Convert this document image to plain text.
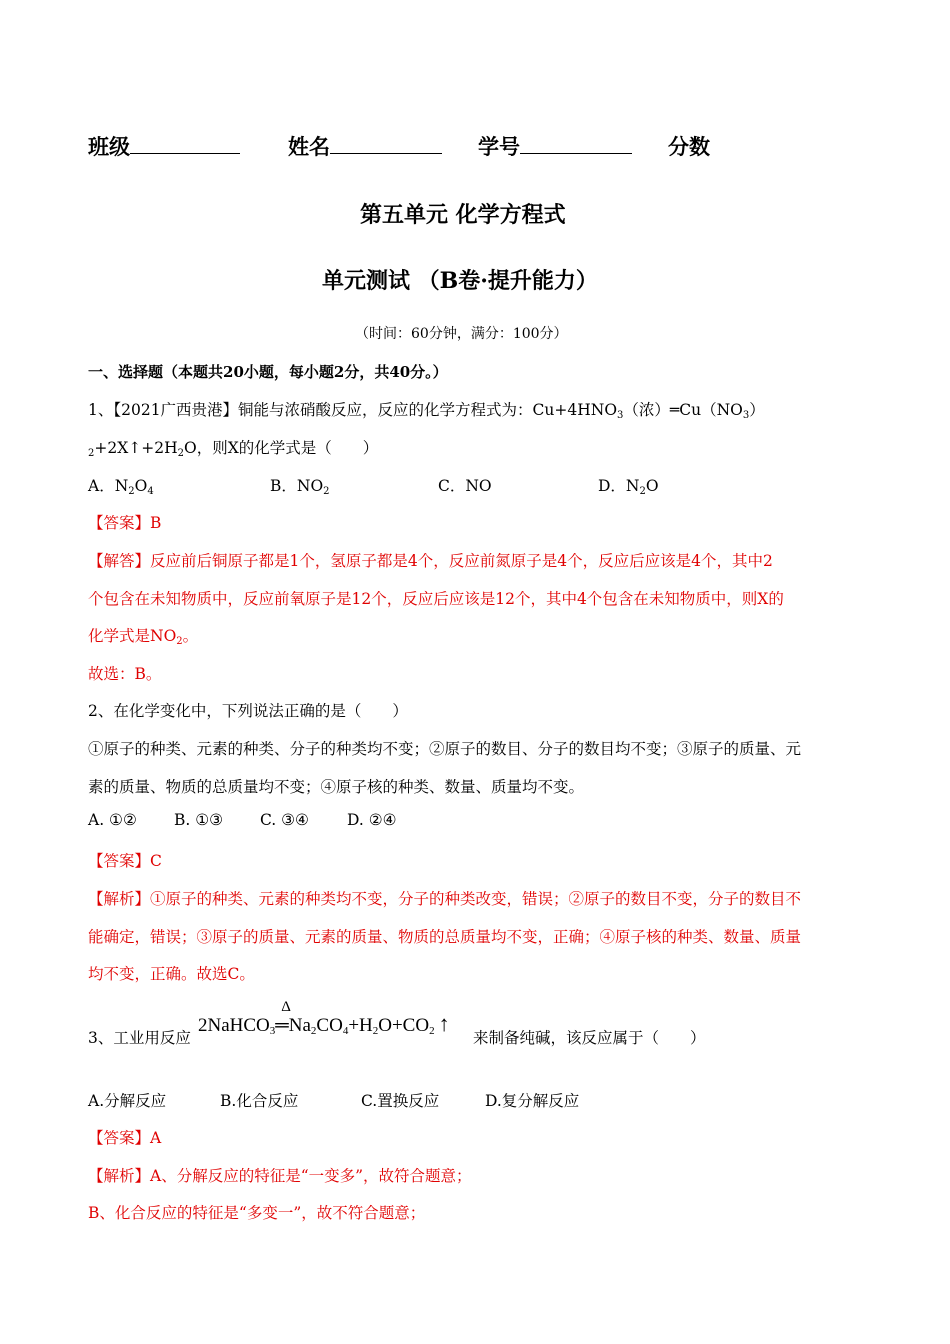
班级	姓名	学号	分数
第五单元 化学方程式
单元测试 （B卷·提升能力）
（时间：60分钟，满分：100分）
一、选择题（本题共20小题，每小题2分，共40分。）
1、【2021广西贵港】铜能与浓硝酸反应，反应的化学方程式为：$Cu+4HNO_3$（浓）$═Cu(NO_3)$
$_2+2X↑+2H_2O$，则X的化学式是（　　）
A．$N_2O_4$	B．$NO_2$	C．NO	D．$N_2O$
【答案】B
【解答】反应前后铜原子都是1个，氢原子都是4个，反应前氮原子是4个，反应后应该是4个，其中2
个包含在未知物质中，反应前氧原子是12个，反应后应该是12个，其中4个包含在未知物质中，则X的
化学式是$NO_2$。
故选：B。
2、在化学变化中，下列说法正确的是（　　）
①原子的种类、元素的种类、分子的种类均不变；②原子的数目、分子的数目均不变；③原子的质量、元
素的质量、物质的总质量均不变；④原子核的种类、数量、质量均不变。
A. ①② B. ①③ C. ③④ D. ②④
【答案】C
【解析】①原子的种类、元素的种类均不变，分子的种类改变，错误；②原子的数目不变，分子的数目不
能确定，错误；③原子的质量、元素的质量、物质的总质量均不变，正确；④原子核的种类、数量、质量
均不变，正确。故选C。
3、工业用反应
2NaHCO$_3$
Δ
$═Na_2CO_4+H_2O+CO_2$ ↑
来制备纯碱，该反应属于（　　）
A.分解反应	B.化合反应	C.置换反应	D.复分解反应
【答案】A
【解析】A、分解反应的特征是“一变多”，故符合题意；
B、化合反应的特征是“多变一”，故不符合题意；
